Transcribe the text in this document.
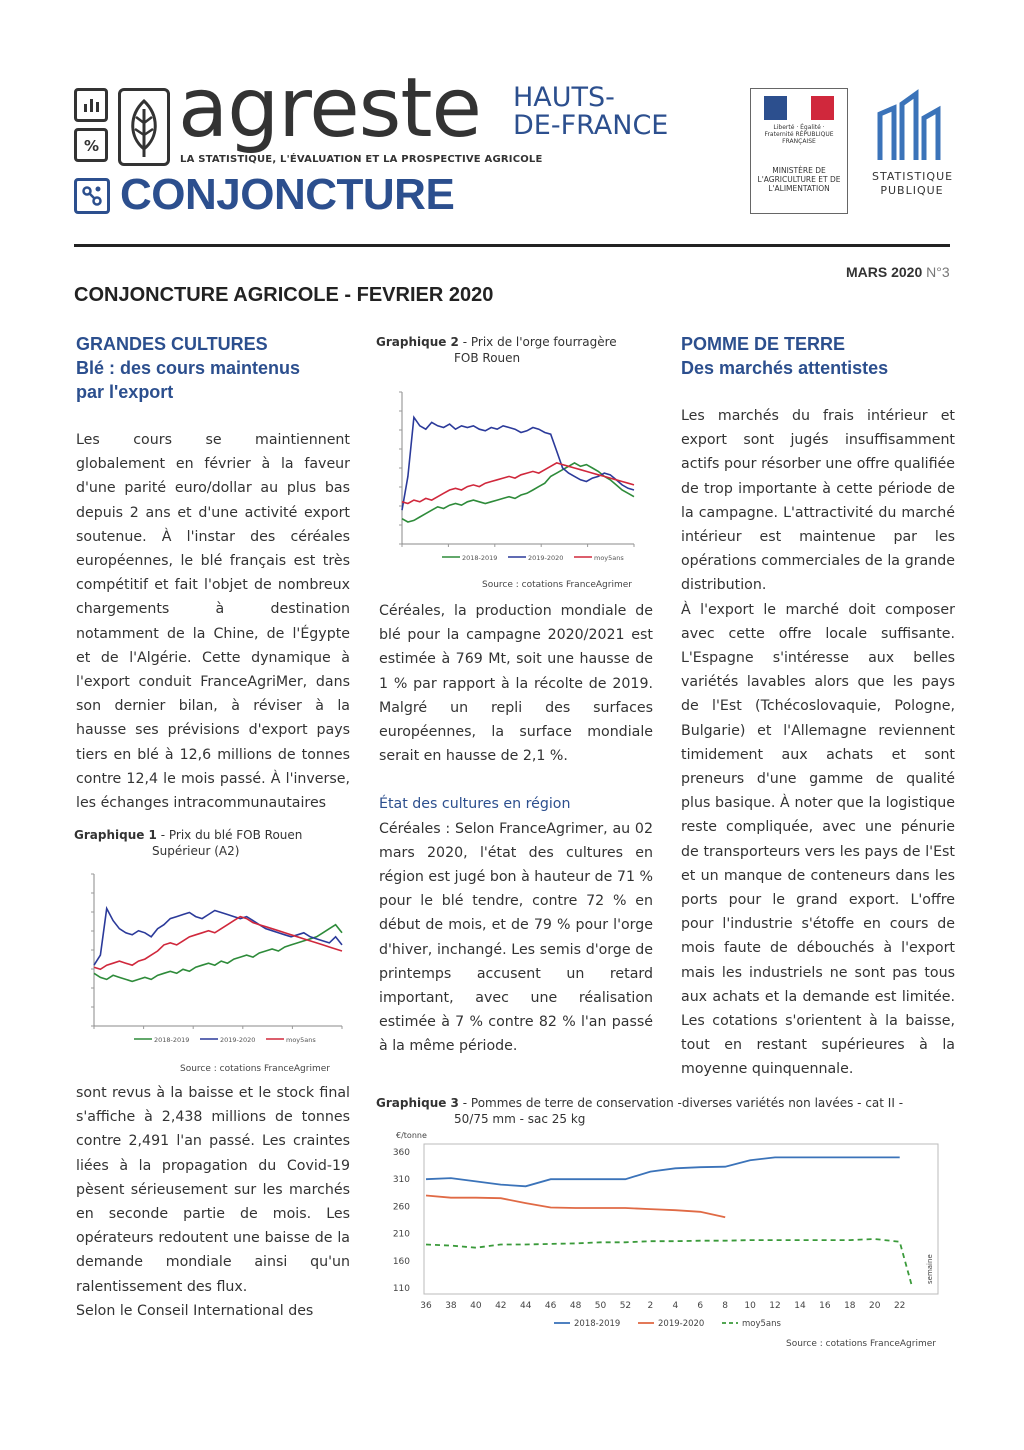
% agreste
LA STATISTIQUE, L'ÉVALUATION ET LA PROSPECTIVE AGRICOLE
HAUTS-
DE-FRANCE
CONJONCTURE
Liberté · Égalité · Fraternité RÉPUBLIQUE FRANÇAISE
MINISTÈRE DE L'AGRICULTURE ET DE L'ALIMENTATION
STATISTIQUE
PUBLIQUE
MARS 2020 N°3
CONJONCTURE AGRICOLE - FEVRIER 2020
GRANDES CULTURES
Blé : des cours maintenus
par l'export
Les cours se maintiennent globalement en février à la faveur d'une parité euro/dollar au plus bas depuis 2 ans et d'une activité export soutenue. À l'instar des céréales européennes, le blé français est très compétitif et fait l'objet de nombreux chargements à destination notamment de la Chine, de l'Égypte et de l'Algérie. Cette dynamique à l'export conduit FranceAgriMer, dans son dernier bilan, à réviser à la hausse ses prévisions d'export pays tiers en blé à 12,6 millions de tonnes contre 12,4 le mois passé. À l'inverse, les échanges intracommunautaires
Graphique 1 - Prix du blé FOB Rouen
Supérieur (A2)
2018-2019	2019-2020	moy5ans
Source : cotations FranceAgrimer
sont revus à la baisse et le stock final s'affiche à 2,438 millions de tonnes contre 2,491 l'an passé. Les craintes liées à la propagation du Covid-19 pèsent sérieusement sur les marchés en seconde partie de mois. Les opérateurs redoutent une baisse de la demande mondiale ainsi qu'un ralentissement des flux.
Selon le Conseil International des
Graphique 2 - Prix de l'orge fourragère
FOB Rouen
2018-2019	2019-2020	moy5ans
Source : cotations FranceAgrimer
Céréales, la production mondiale de blé pour la campagne 2020/2021 est estimée à 769 Mt, soit une hausse de 1 % par rapport à la récolte de 2019. Malgré un repli des surfaces européennes, la surface mondiale serait en hausse de 2,1 %.
État des cultures en région
Céréales : Selon FranceAgrimer, au 02 mars 2020, l'état des cultures en région est jugé bon à hauteur de 71 % pour le blé tendre, contre 72 % en début de mois, et de 79 % pour l'orge d'hiver, inchangé. Les semis d'orge de printemps accusent un retard important, avec une réalisation estimée à 7 % contre 82 % l'an passé à la même période.
POMME DE TERRE
Des marchés attentistes
Les marchés du frais intérieur et export sont jugés insuffisamment actifs pour résorber une offre qualifiée de trop importante à cette période de la campagne. L'attractivité du marché intérieur est maintenue par les opérations commerciales de la grande distribution.
À l'export le marché doit composer avec cette offre locale suffisante. L'Espagne s'intéresse aux belles variétés lavables alors que les pays de l'Est (Tchécoslovaquie, Pologne, Bulgarie) et l'Allemagne reviennent timidement aux achats et sont preneurs d'une gamme de qualité plus basique. À noter que la logistique reste compliquée, avec une pénurie de transporteurs vers les pays de l'Est et un manque de conteneurs dans les ports pour le grand export. L'offre pour l'industrie s'étoffe en cours de mois faute de débouchés à l'export mais les industriels ne sont pas tous aux achats et la demande est limitée. Les cotations s'orientent à la baisse, tout en restant supérieures à la moyenne quinquennale.
Graphique 3 - Pommes de terre de conservation -diverses variétés non lavées - cat II -
50/75 mm - sac 25 kg
€/tonne
110
160
210
260
310
360
36 38 40 42 44 46 48 50 52 2 4 6 8 10 12 14 16 18 20 22
semaine
2018-2019	2019-2020	moy5ans
Source : cotations FranceAgrimer
